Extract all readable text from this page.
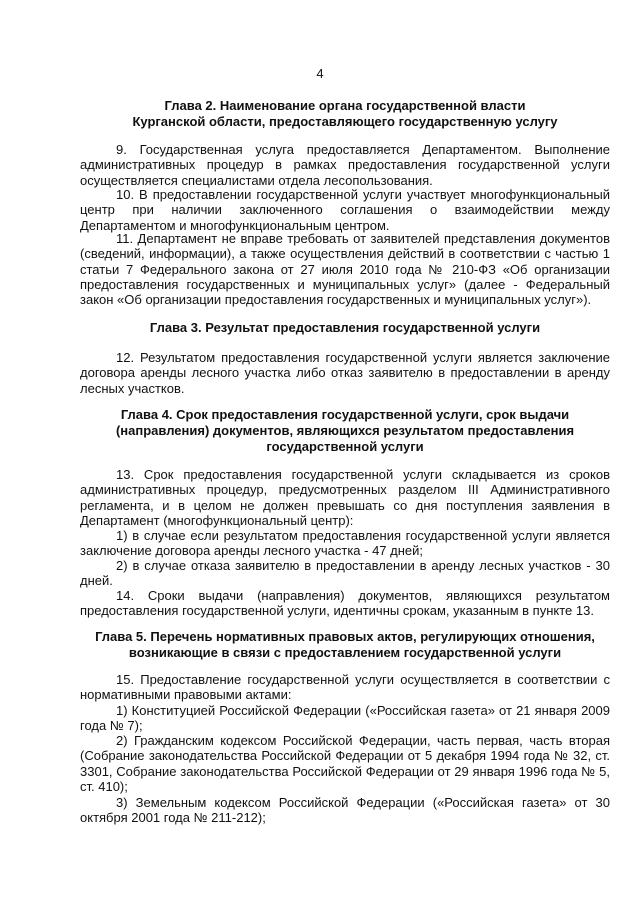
4
Глава 2. Наименование органа государственной власти Курганской области, предоставляющего государственную услугу
9. Государственная услуга предоставляется Департаментом. Выполнение административных процедур в рамках предоставления государственной услуги осуществляется специалистами отдела лесопользования.
10. В предоставлении государственной услуги участвует многофункциональный центр при наличии заключенного соглашения о взаимодействии между Департаментом и многофункциональным центром.
11. Департамент не вправе требовать от заявителей представления документов (сведений, информации), а также осуществления действий в соответствии с частью 1 статьи 7 Федерального закона от 27 июля 2010 года № 210-ФЗ «Об организации предоставления государственных и муниципальных услуг» (далее - Федеральный закон «Об организации предоставления государственных и муниципальных услуг»).
Глава 3. Результат предоставления государственной услуги
12. Результатом предоставления государственной услуги является заключение договора аренды лесного участка либо отказ заявителю в предоставлении в аренду лесных участков.
Глава 4. Срок предоставления государственной услуги, срок выдачи (направления) документов, являющихся результатом предоставления государственной услуги
13. Срок предоставления государственной услуги складывается из сроков административных процедур, предусмотренных разделом III Административного регламента, и в целом не должен превышать со дня поступления заявления в Департамент (многофункциональный центр):
1) в случае если результатом предоставления государственной услуги является заключение договора аренды лесного участка - 47 дней;
2) в случае отказа заявителю в предоставлении в аренду лесных участков - 30 дней.
14. Сроки выдачи (направления) документов, являющихся результатом предоставления государственной услуги, идентичны срокам, указанным в пункте 13.
Глава 5. Перечень нормативных правовых актов, регулирующих отношения, возникающие в связи с предоставлением государственной услуги
15. Предоставление государственной услуги осуществляется в соответствии с нормативными правовыми актами:
1) Конституцией Российской Федерации («Российская газета» от 21 января 2009 года № 7);
2) Гражданским кодексом Российской Федерации, часть первая, часть вторая (Собрание законодательства Российской Федерации от 5 декабря 1994 года № 32, ст. 3301, Собрание законодательства Российской Федерации от 29 января 1996 года № 5, ст. 410);
3) Земельным кодексом Российской Федерации («Российская газета» от 30 октября 2001 года № 211-212);
